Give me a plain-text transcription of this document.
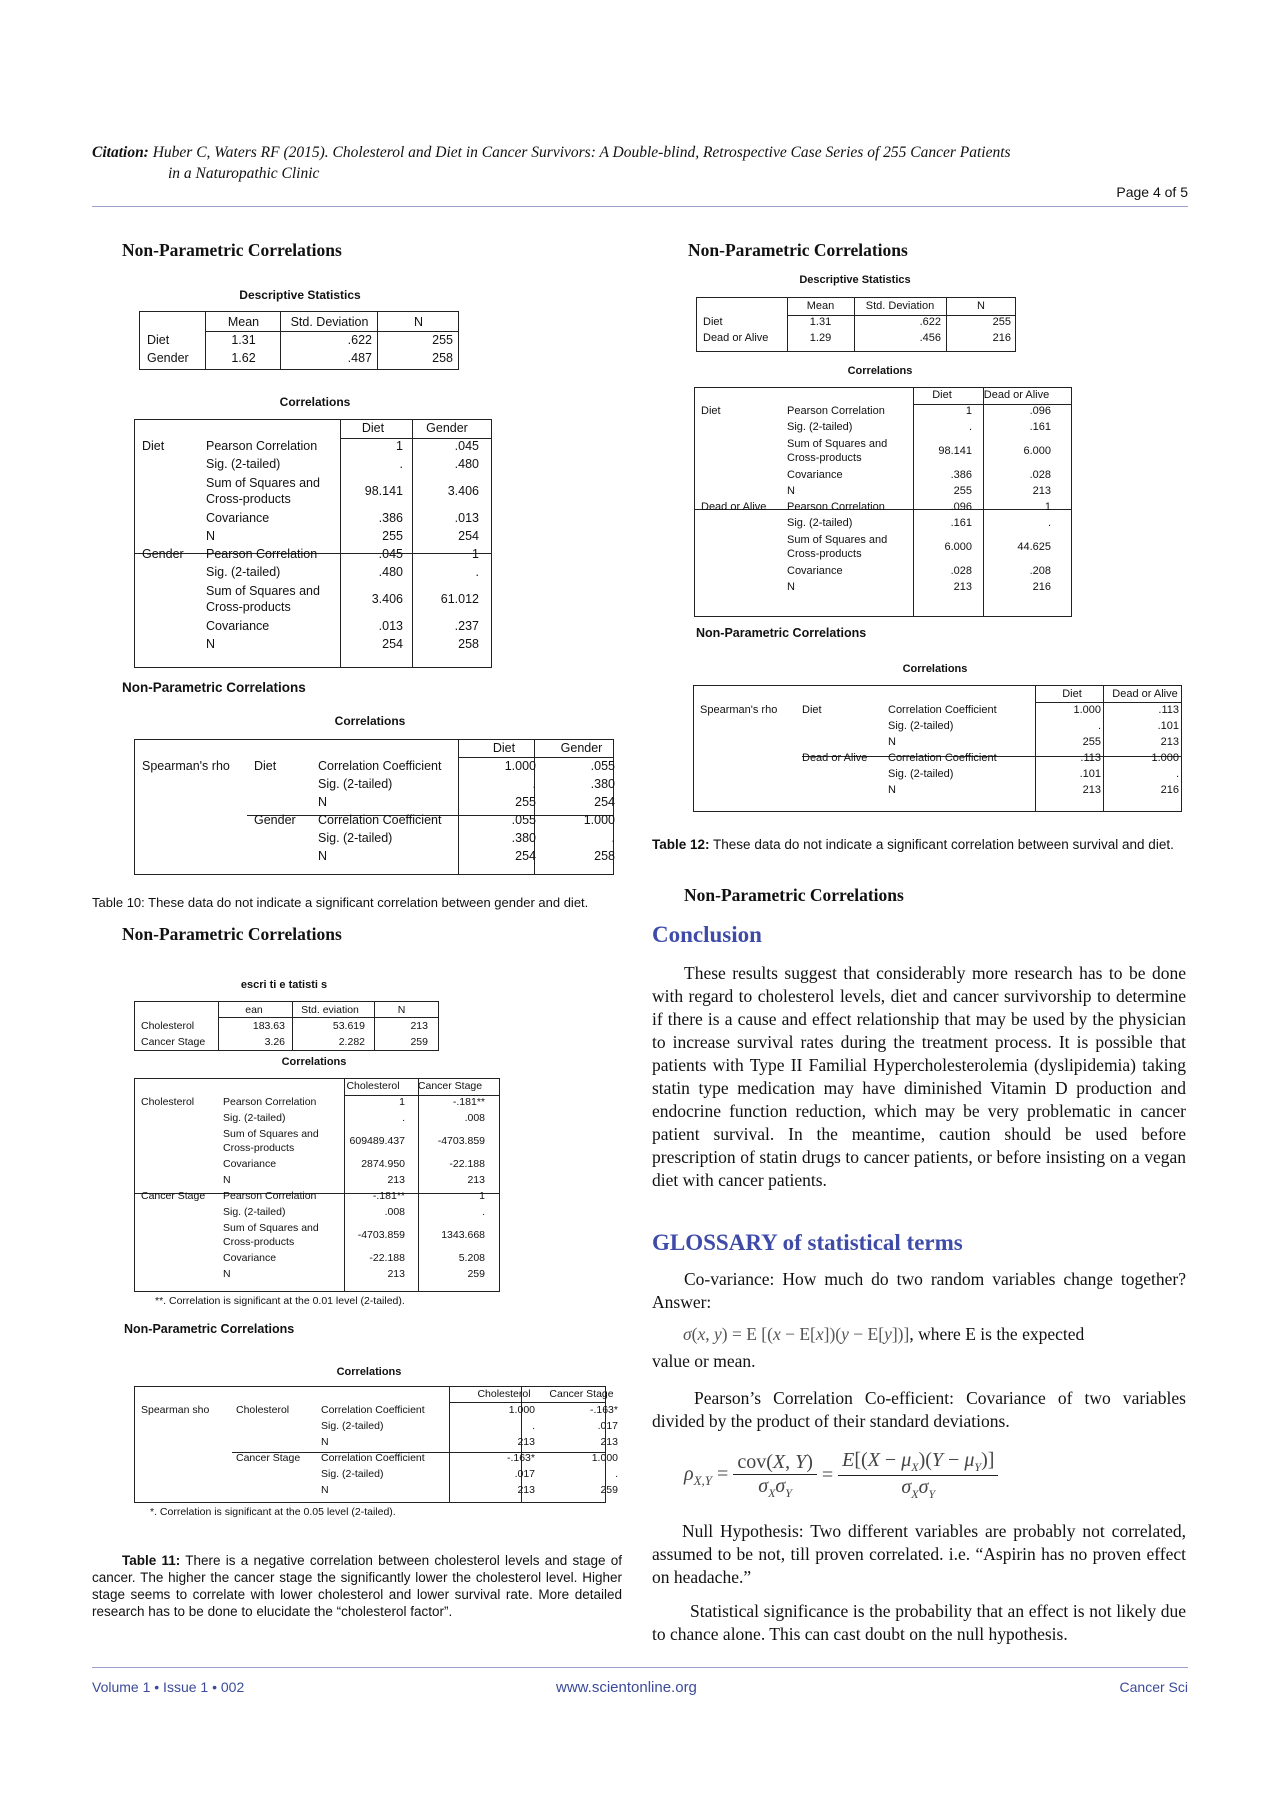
Citation: Huber C, Waters RF (2015). Cholesterol and Diet in Cancer Survivors: A Double-blind, Retrospective Case Series of 255 Cancer Patients
in a Naturopathic Clinic
Page 4 of 5
Non-Parametric Correlations
Descriptive Statistics
	Mean	Std. Deviation	N
Diet	1.31	.622	255
Gender	1.62	.487	258
Correlations
		Diet	Gender
Diet	Pearson Correlation	1	.045
	Sig. (2-tailed)	.	.480
	Sum of Squares and
Cross-products	98.141	3.406
	Covariance	.386	.013
	N	255	254
Gender	Pearson Correlation	.045	1
	Sig. (2-tailed)	.480	.
	Sum of Squares and
Cross-products	3.406	61.012
	Covariance	.013	.237
	N	254	258
Non-Parametric Correlations
Correlations
			Diet	Gender
Spearman's rho	Diet	Correlation Coefficient	1.000	.055
		Sig. (2-tailed)	.	.380
		N	255	254
	Gender	Correlation Coefficient	.055	1.000
		Sig. (2-tailed)	.380	.
		N	254	258
Table 10: These data do not indicate a significant correlation between gender and diet.
Non-Parametric Correlations
escri ti e tatisti s
	ean	Std. eviation	N
Cholesterol	183.63	53.619	213
Cancer Stage	3.26	2.282	259
Correlations
		Cholesterol	Cancer Stage
Cholesterol	Pearson Correlation	1	-.181**
	Sig. (2-tailed)	.	.008
	Sum of Squares and
Cross-products	609489.437	-4703.859
	Covariance	2874.950	-22.188
	N	213	213
Cancer Stage	Pearson Correlation	-.181**	1
	Sig. (2-tailed)	.008	.
	Sum of Squares and
Cross-products	-4703.859	1343.668
	Covariance	-22.188	5.208
	N	213	259
**. Correlation is significant at the 0.01 level (2-tailed).
Non-Parametric Correlations
Correlations
			Cholesterol	Cancer Stage
Spearman sho	Cholesterol	Correlation Coefficient	1.000	-.163*
		Sig. (2-tailed)	.	.017
		N	213	213
	Cancer Stage	Correlation Coefficient	-.163*	1.000
		Sig. (2-tailed)	.017	.
		N	213	259
*. Correlation is significant at the 0.05 level (2-tailed).
Table 11: There is a negative correlation between cholesterol levels and stage of cancer. The higher the cancer stage the significantly lower the cholesterol level. Higher stage seems to correlate with lower cholesterol and lower survival rate. More detailed research has to be done to elucidate the “cholesterol factor”.
Non-Parametric Correlations
Descriptive Statistics
	Mean	Std. Deviation	N
Diet	1.31	.622	255
Dead or Alive	1.29	.456	216
Correlations
		Diet	Dead or Alive
Diet	Pearson Correlation	1	.096
	Sig. (2-tailed)	.	.161
	Sum of Squares and
Cross-products	98.141	6.000
	Covariance	.386	.028
	N	255	213
Dead or Alive	Pearson Correlation	.096	1
	Sig. (2-tailed)	.161	.
	Sum of Squares and
Cross-products	6.000	44.625
	Covariance	.028	.208
	N	213	216
Non-Parametric Correlations
Correlations
			Diet	Dead or Alive
Spearman's rho	Diet	Correlation Coefficient	1.000	.113
		Sig. (2-tailed)	.	.101
		N	255	213
	Dead or Alive	Correlation Coefficient	.113	1.000
		Sig. (2-tailed)	.101	.
		N	213	216
Table 12: These data do not indicate a significant correlation between survival and diet.
Non-Parametric Correlations
Conclusion
These results suggest that considerably more research has to be done with regard to cholesterol levels, diet and cancer survivorship to determine if there is a cause and effect relationship that may be used by the physician to increase survival rates during the treatment process. It is possible that patients with Type II Familial Hypercholesterolemia (dyslipidemia) taking statin type medication may have diminished Vitamin D production and endocrine function reduction, which may be very problematic in cancer patient survival. In the meantime, caution should be used before prescription of statin drugs to cancer patients, or before insisting on a vegan diet with cancer patients.
GLOSSARY of statistical terms
Co-variance: How much do two random variables change together? Answer:
σ(x, y) = E [(x − E[x])(y − E[y])], where E is the expected
value or mean.
Pearson’s Correlation Co-efficient: Covariance of two variables divided by the product of their standard deviations.
$\rho_{X,Y} = \frac{\text{cov(X, Y)}}{\sigma_X\sigma_Y} = \frac{E[(X - \mu_X)(Y - \mu_Y)]}{\sigma_X\sigma_Y}$
Null Hypothesis: Two different variables are probably not correlated, assumed to be not, till proven correlated. i.e. “Aspirin has no proven effect on headache.”
Statistical significance is the probability that an effect is not likely due to chance alone. This can cast doubt on the null hypothesis.
Volume 1 • Issue 1 • 002	www.scientonline.org	Cancer Sci
